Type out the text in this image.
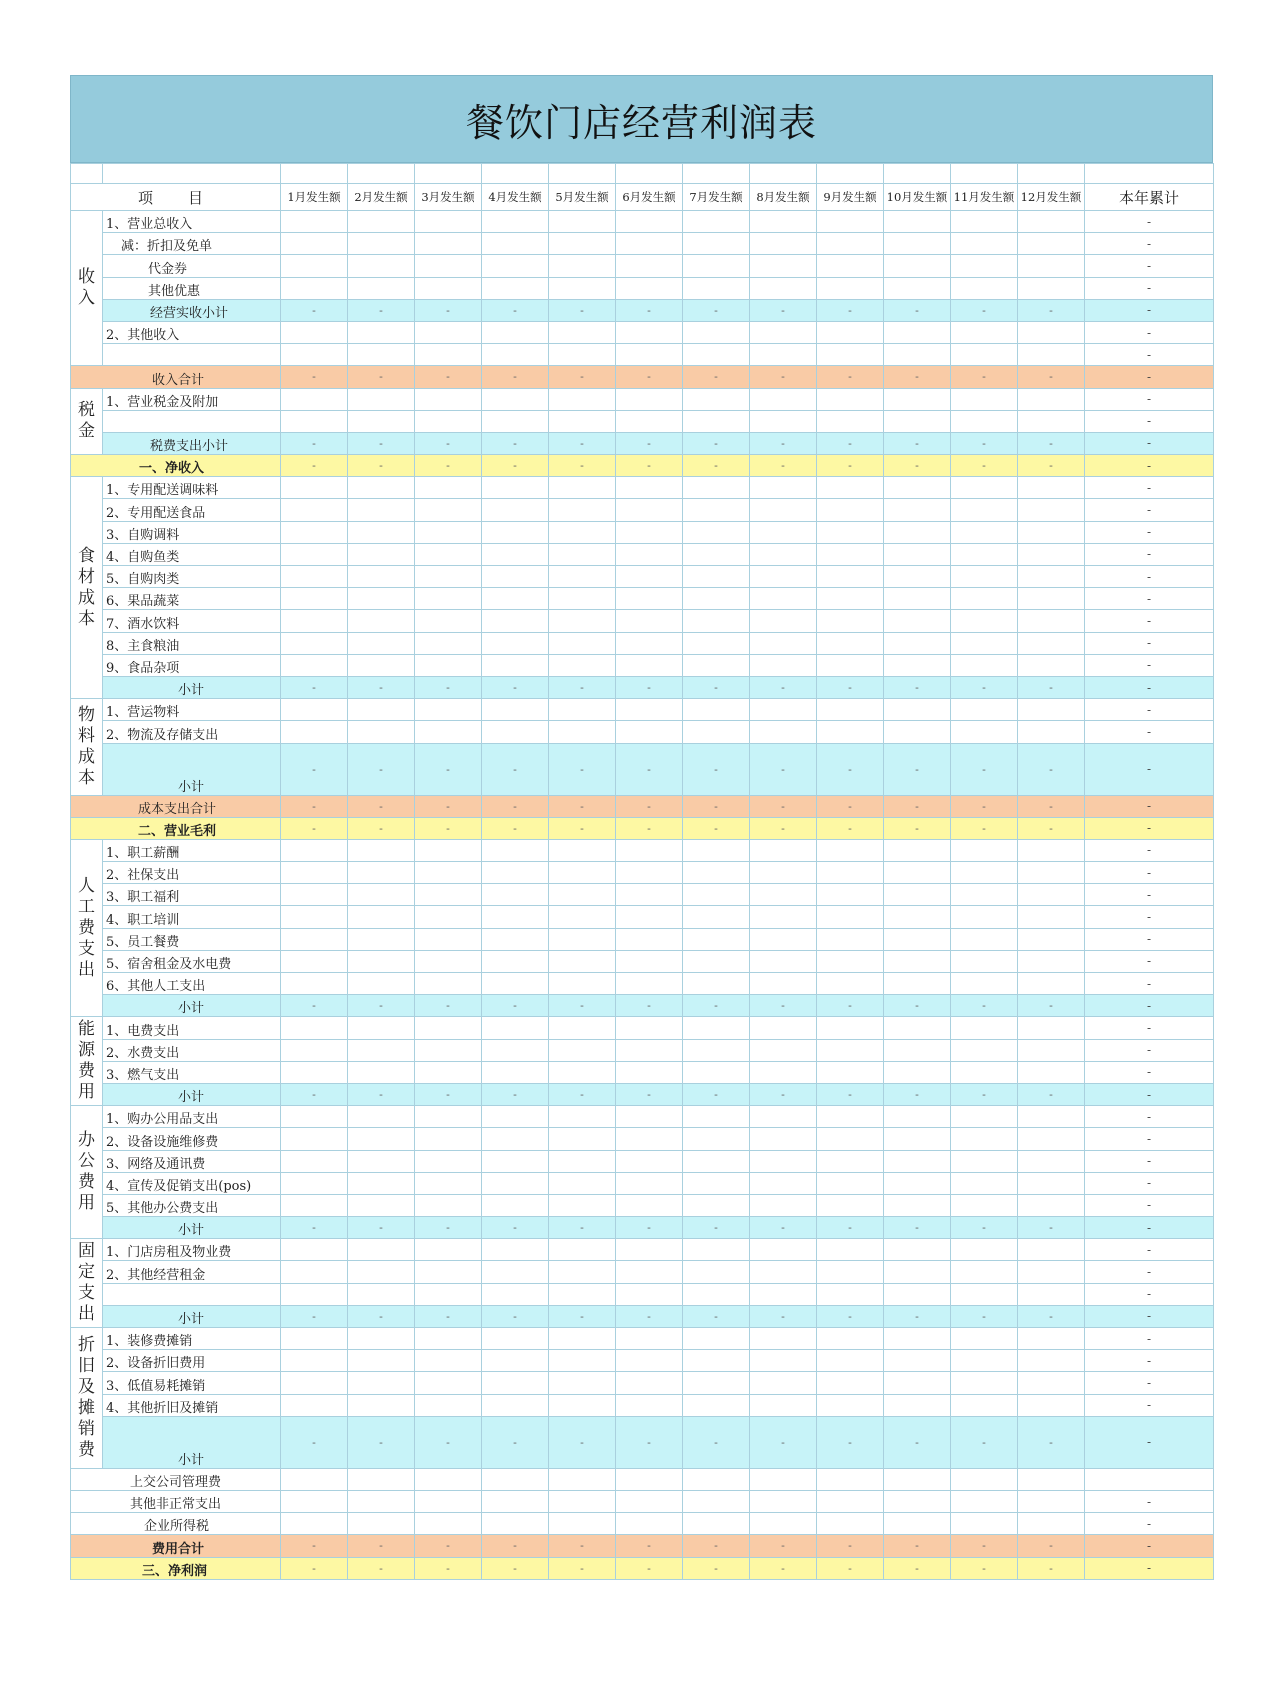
餐饮门店经营利润表

项　目		1月发生额	2月发生额	3月发生额	4月发生额	5月发生额	6月发生额	7月发生额	8月发生额	9月发生额	10月发生额	11月发生额	12月发生额	本年累计
收入	1、营业总收入													-
	减：折扣及免单													-
	代金券													-
	其他优惠													-
	经营实收小计	-	-	-	-	-	-	-	-	-	-	-	-	-
	2、其他收入													-
														-
收入合计		-	-	-	-	-	-	-	-	-	-	-	-	-
税金	1、营业税金及附加													-
														-
	税费支出小计	-	-	-	-	-	-	-	-	-	-	-	-	-
一、净收入		-	-	-	-	-	-	-	-	-	-	-	-	-
食材成本	1、专用配送调味料													-
	2、专用配送食品													-
	3、自购调料													-
	4、自购鱼类													-
	5、自购肉类													-
	6、果品蔬菜													-
	7、酒水饮料													-
	8、主食粮油													-
	9、食品杂项													-
	小计	-	-	-	-	-	-	-	-	-	-	-	-	-
物料成本	1、营运物料													-
	2、物流及存储支出													-
	小计	-	-	-	-	-	-	-	-	-	-	-	-	-
成本支出合计		-	-	-	-	-	-	-	-	-	-	-	-	-
二、营业毛利		-	-	-	-	-	-	-	-	-	-	-	-	-
人工费支出	1、职工薪酬													-
	2、社保支出													-
	3、职工福利													-
	4、职工培训													-
	5、员工餐费													-
	5、宿舍租金及水电费													-
	6、其他人工支出													-
	小计	-	-	-	-	-	-	-	-	-	-	-	-	-
能源费用	1、电费支出													-
	2、水费支出													-
	3、燃气支出													-
	小计	-	-	-	-	-	-	-	-	-	-	-	-	-
办公费用	1、购办公用品支出													-
	2、设备设施维修费													-
	3、网络及通讯费													-
	4、宣传及促销支出(pos)													-
	5、其他办公费支出													-
	小计	-	-	-	-	-	-	-	-	-	-	-	-	-
固定支出	1、门店房租及物业费													-
	2、其他经营租金													-
														-
	小计	-	-	-	-	-	-	-	-	-	-	-	-	-
折旧及摊销费	1、装修费摊销													-
	2、设备折旧费用													-
	3、低值易耗摊销													-
	4、其他折旧及摊销													-
	小计	-	-	-	-	-	-	-	-	-	-	-	-	-
上交公司管理费														
其他非正常支出														-
企业所得税														-
费用合计		-	-	-	-	-	-	-	-	-	-	-	-	-
三、净利润		-	-	-	-	-	-	-	-	-	-	-	-	-
